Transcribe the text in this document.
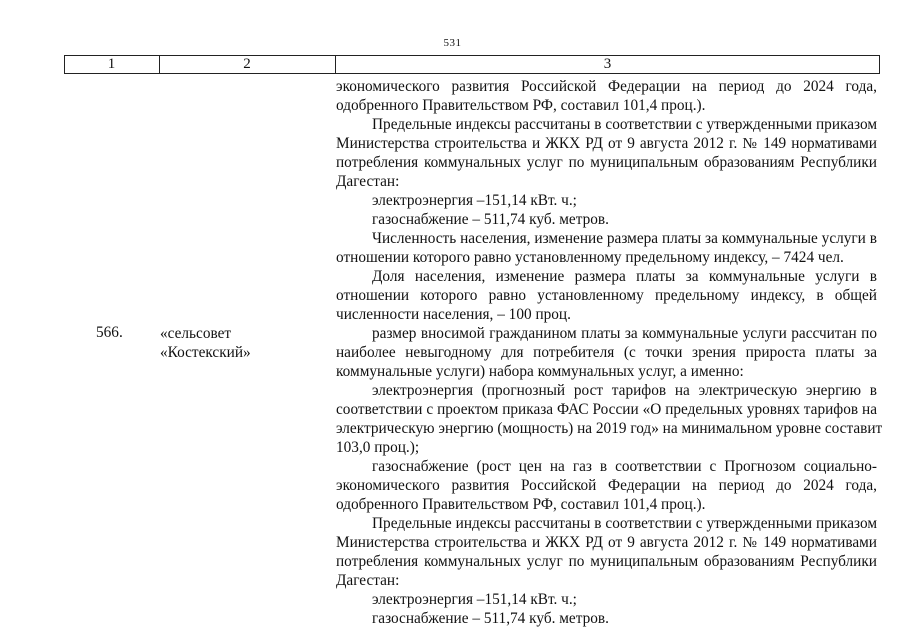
531
1	2	3
экономического развития Российской Федерации на период до 2024 года,
одобренного Правительством РФ, составил 101,4 проц.).
Предельные индексы рассчитаны в соответствии с утвержденными приказом
Министерства строительства и ЖКХ РД от 9 августа 2012 г. № 149 нормативами
потребления коммунальных услуг по муниципальным образованиям Республики
Дагестан:
электроэнергия –151,14 кВт. ч.;
газоснабжение – 511,74 куб. метров.
Численность населения, изменение размера платы за коммунальные услуги в
отношении которого равно установленному предельному индексу, – 7424 чел.
Доля населения, изменение размера платы за коммунальные услуги в
отношении которого равно установленному предельному индексу, в общей
численности населения, – 100 проц.
566. «сельсовет
«Костекский»
размер вносимой гражданином платы за коммунальные услуги рассчитан по
наиболее невыгодному для потребителя (с точки зрения прироста платы за
коммунальные услуги) набора коммунальных услуг, а именно:
электроэнергия (прогнозный рост тарифов на электрическую энергию в
соответствии с проектом приказа ФАС России «О предельных уровнях тарифов на
электрическую энергию (мощность) на 2019 год» на минимальном уровне составит
103,0 проц.);
газоснабжение (рост цен на газ в соответствии с Прогнозом социально-
экономического развития Российской Федерации на период до 2024 года,
одобренного Правительством РФ, составил 101,4 проц.).
Предельные индексы рассчитаны в соответствии с утвержденными приказом
Министерства строительства и ЖКХ РД от 9 августа 2012 г. № 149 нормативами
потребления коммунальных услуг по муниципальным образованиям Республики
Дагестан:
электроэнергия –151,14 кВт. ч.;
газоснабжение – 511,74 куб. метров.
